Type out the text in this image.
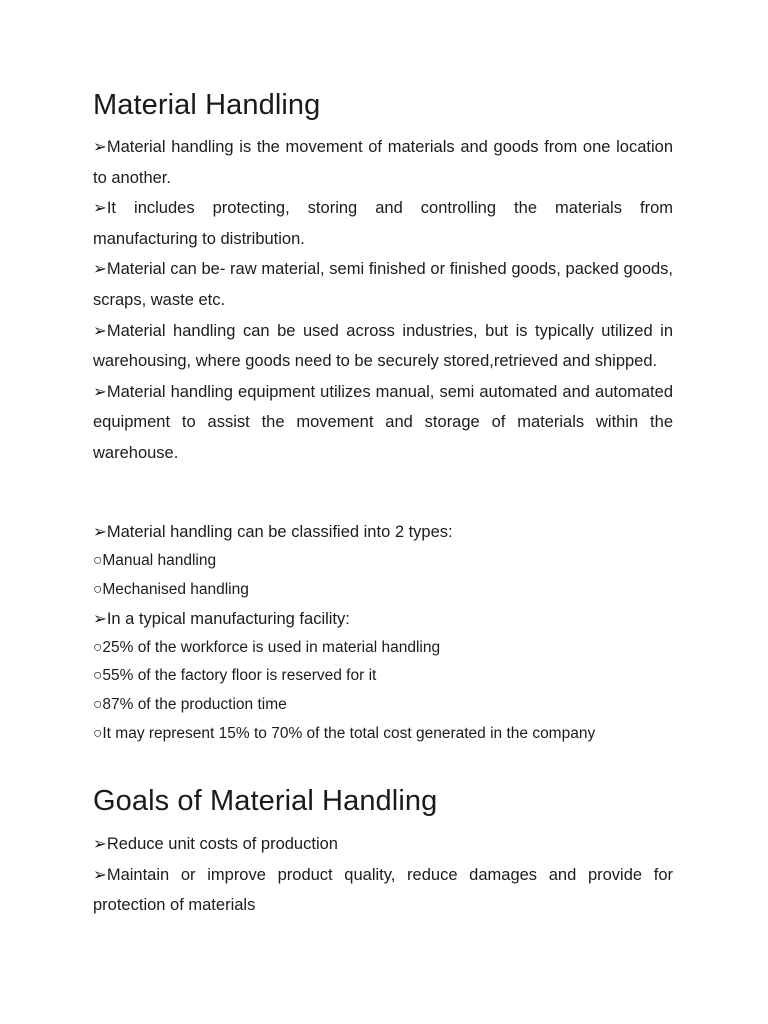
Material Handling

➢Material handling is the movement of materials and goods from one location to another.

➢It includes protecting, storing and controlling the materials from manufacturing to distribution.

➢Material can be- raw material, semi finished or finished goods, packed goods, scraps, waste etc.

➢Material handling can be used across industries, but is typically utilized in warehousing, where goods need to be securely stored,retrieved and shipped.

➢Material handling equipment utilizes manual, semi automated and automated equipment to assist the movement and storage of materials within the warehouse.

➢Material handling can be classified into 2 types:

○Manual handling

○Mechanised handling

➢In a typical manufacturing facility:

○25% of the workforce is used in material handling

○55% of the factory floor is reserved for it

○87% of the production time

○It may represent 15% to 70% of the total cost generated in the company

Goals of Material Handling

➢Reduce unit costs of production

➢Maintain or improve product quality, reduce damages and provide for protection of materials
